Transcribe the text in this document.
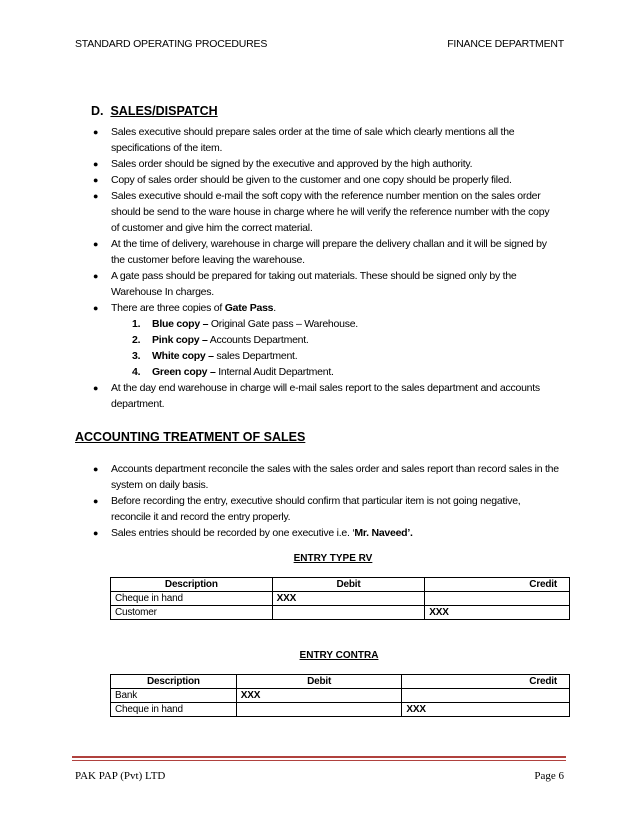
STANDARD OPERATING PROCEDURES	FINANCE DEPARTMENT
D. SALES/DISPATCH
● Sales executive should prepare sales order at the time of sale which clearly mentions all the specifications of the item.
● Sales order should be signed by the executive and approved by the high authority.
● Copy of sales order should be given to the customer and one copy should be properly filed.
● Sales executive should e-mail the soft copy with the reference number mention on the sales order should be send to the ware house in charge where he will verify the reference number with the copy of customer and give him the correct material.
● At the time of delivery, warehouse in charge will prepare the delivery challan and it will be signed by the customer before leaving the warehouse.
● A gate pass should be prepared for taking out materials. These should be signed only by the Warehouse In charges.
● There are three copies of Gate Pass.
1. Blue copy – Original Gate pass – Warehouse.
2. Pink copy – Accounts Department.
3. White copy – sales Department.
4. Green copy – Internal Audit Department.
● At the day end warehouse in charge will e-mail sales report to the sales department and accounts department.
ACCOUNTING TREATMENT OF SALES
● Accounts department reconcile the sales with the sales order and sales report than record sales in the system on daily basis.
● Before recording the entry, executive should confirm that particular item is not going negative, reconcile it and record the entry properly.
● Sales entries should be recorded by one executive i.e. ‘Mr. Naveed’.
ENTRY TYPE RV
Description	Debit	Credit
Cheque in hand	XXX	
Customer		XXX
ENTRY CONTRA
Description	Debit	Credit
Bank	XXX	
Cheque in hand		XXX
PAK PAP (Pvt) LTD	Page 6
